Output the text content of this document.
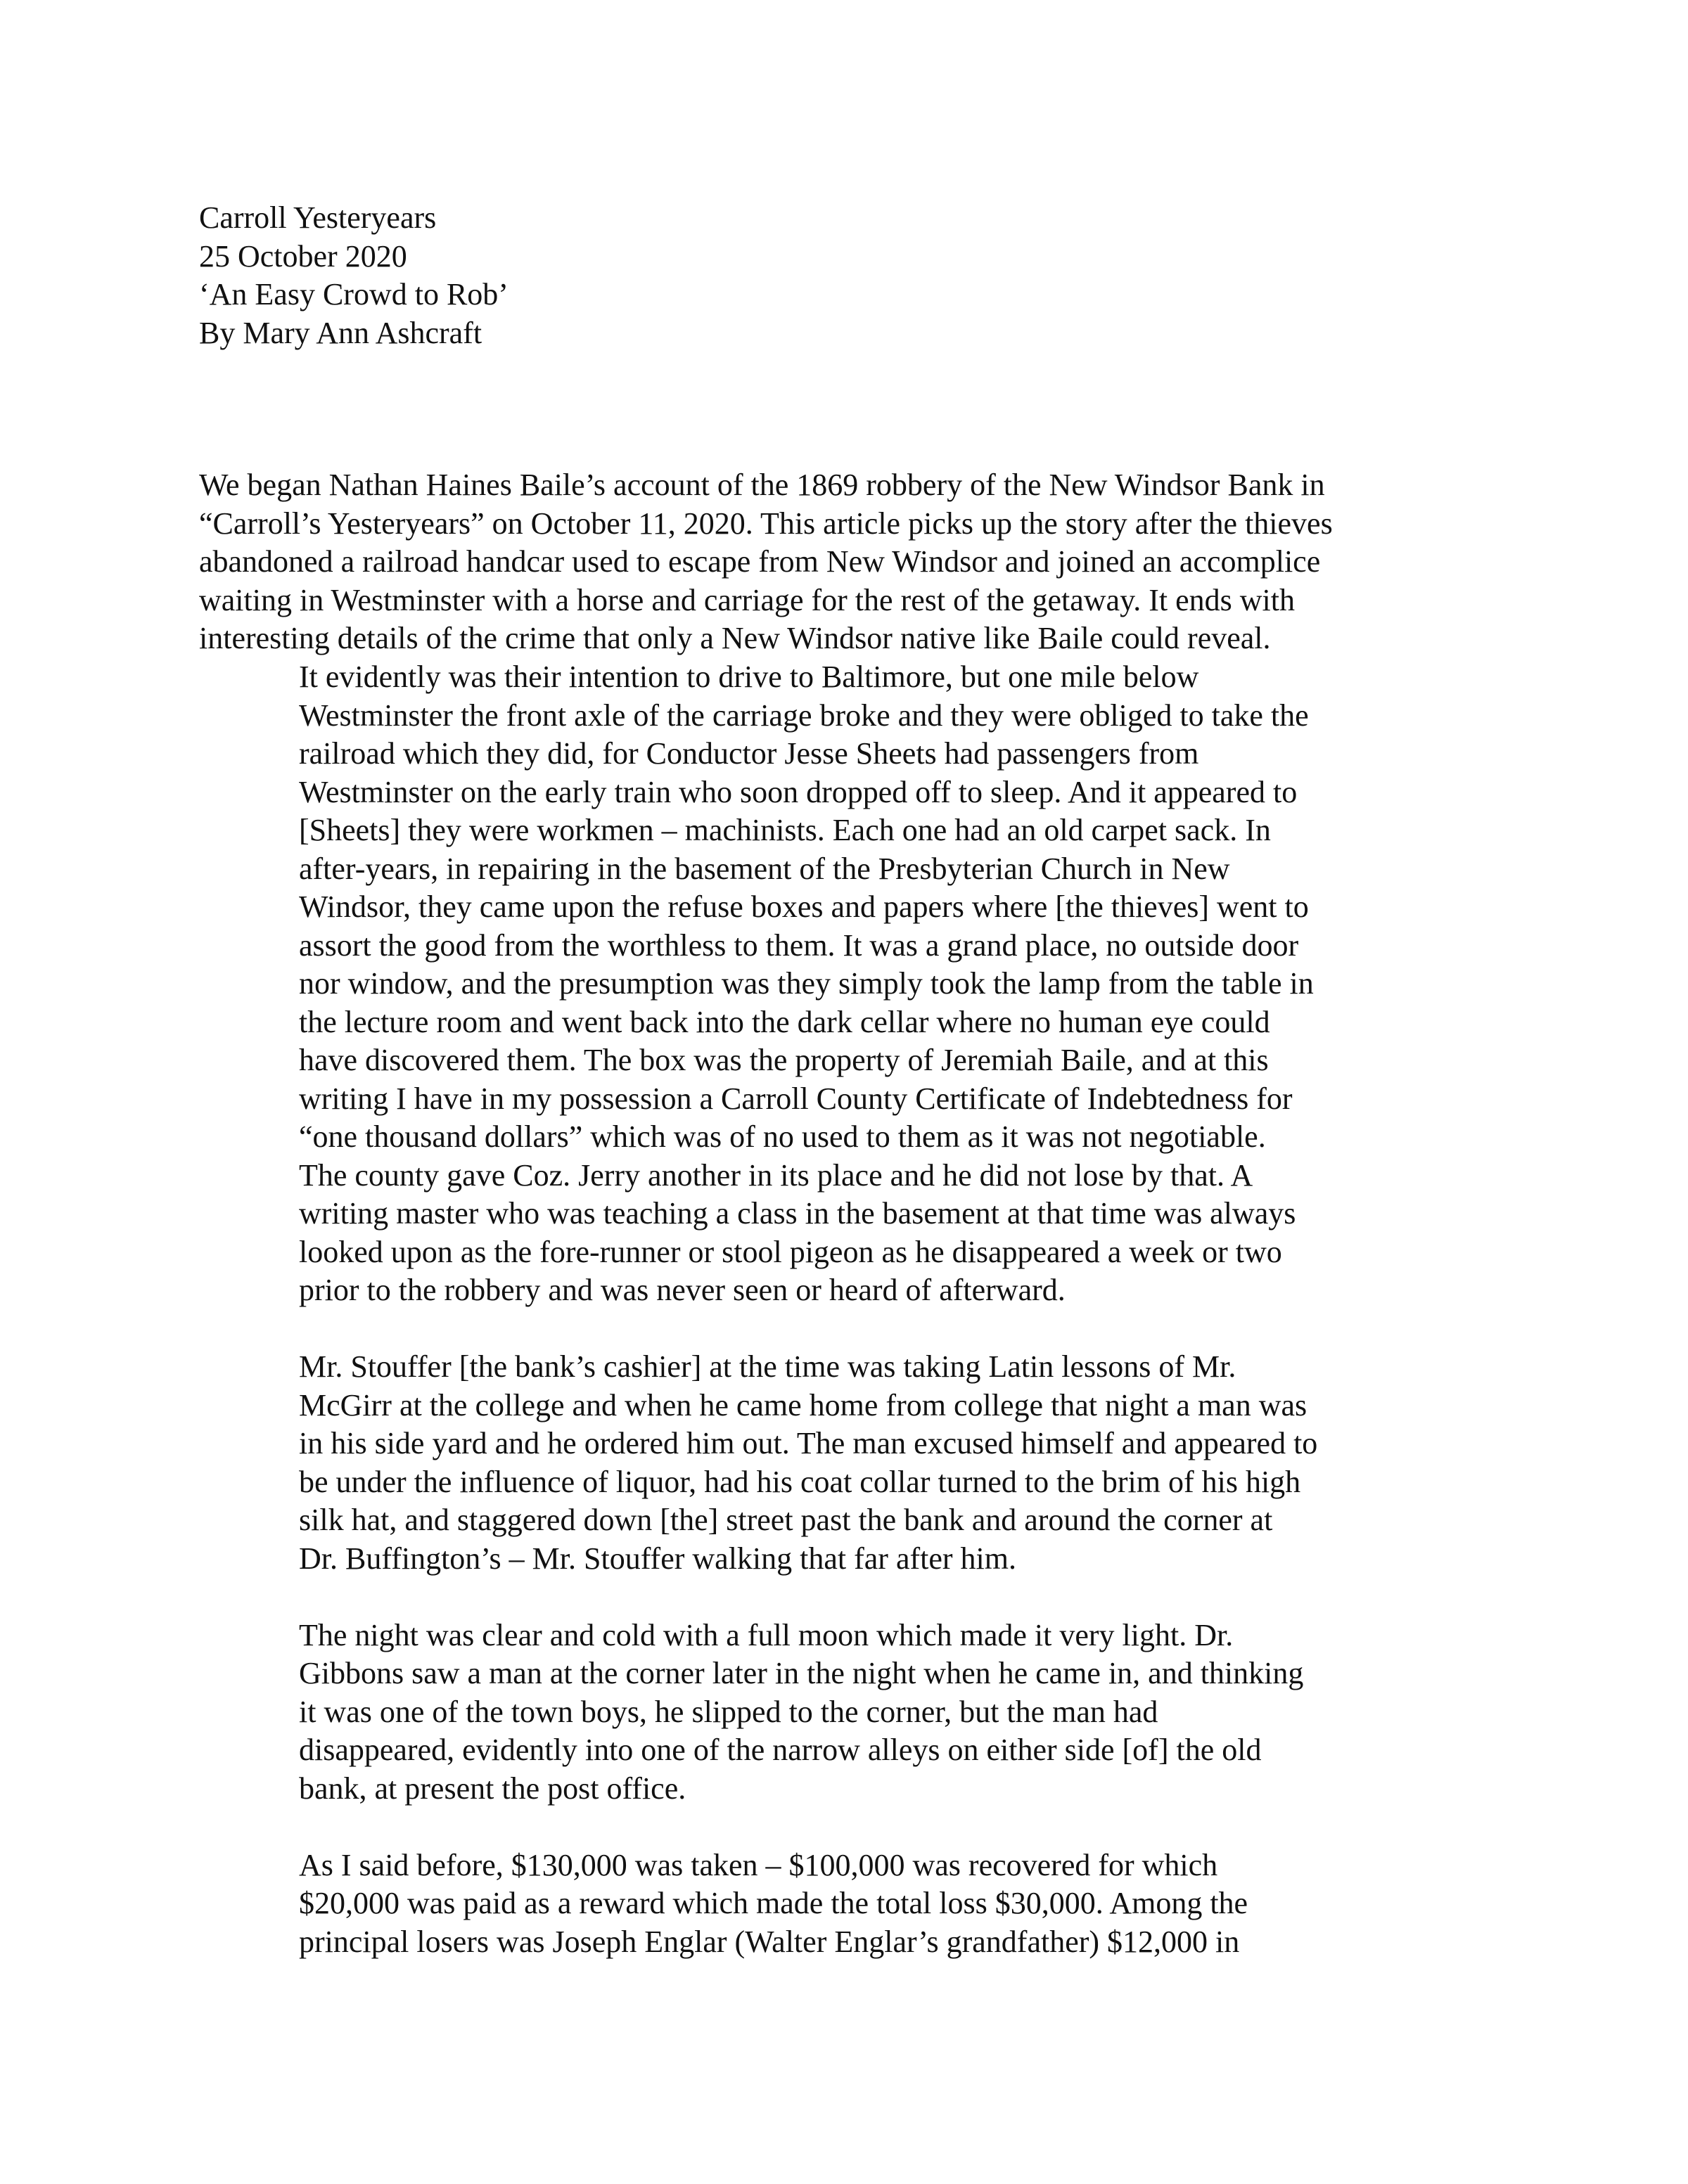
Carroll Yesteryears
25 October 2020
‘An Easy Crowd to Rob’
By Mary Ann Ashcraft
We began Nathan Haines Baile’s account of the 1869 robbery of the New Windsor Bank in
“Carroll’s Yesteryears” on October 11, 2020. This article picks up the story after the thieves
abandoned a railroad handcar used to escape from New Windsor and joined an accomplice
waiting in Westminster with a horse and carriage for the rest of the getaway. It ends with
interesting details of the crime that only a New Windsor native like Baile could reveal.
It evidently was their intention to drive to Baltimore, but one mile below
Westminster the front axle of the carriage broke and they were obliged to take the
railroad which they did, for Conductor Jesse Sheets had passengers from
Westminster on the early train who soon dropped off to sleep. And it appeared to
[Sheets] they were workmen – machinists. Each one had an old carpet sack. In
after-years, in repairing in the basement of the Presbyterian Church in New
Windsor, they came upon the refuse boxes and papers where [the thieves] went to
assort the good from the worthless to them. It was a grand place, no outside door
nor window, and the presumption was they simply took the lamp from the table in
the lecture room and went back into the dark cellar where no human eye could
have discovered them. The box was the property of Jeremiah Baile, and at this
writing I have in my possession a Carroll County Certificate of Indebtedness for
“one thousand dollars” which was of no used to them as it was not negotiable.
The county gave Coz. Jerry another in its place and he did not lose by that. A
writing master who was teaching a class in the basement at that time was always
looked upon as the fore-runner or stool pigeon as he disappeared a week or two
prior to the robbery and was never seen or heard of afterward.
Mr. Stouffer [the bank’s cashier] at the time was taking Latin lessons of Mr.
McGirr at the college and when he came home from college that night a man was
in his side yard and he ordered him out. The man excused himself and appeared to
be under the influence of liquor, had his coat collar turned to the brim of his high
silk hat, and staggered down [the] street past the bank and around the corner at
Dr. Buffington’s – Mr. Stouffer walking that far after him.
The night was clear and cold with a full moon which made it very light. Dr.
Gibbons saw a man at the corner later in the night when he came in, and thinking
it was one of the town boys, he slipped to the corner, but the man had
disappeared, evidently into one of the narrow alleys on either side [of] the old
bank, at present the post office.
As I said before, $130,000 was taken – $100,000 was recovered for which
$20,000 was paid as a reward which made the total loss $30,000. Among the
principal losers was Joseph Englar (Walter Englar’s grandfather) $12,000 in
